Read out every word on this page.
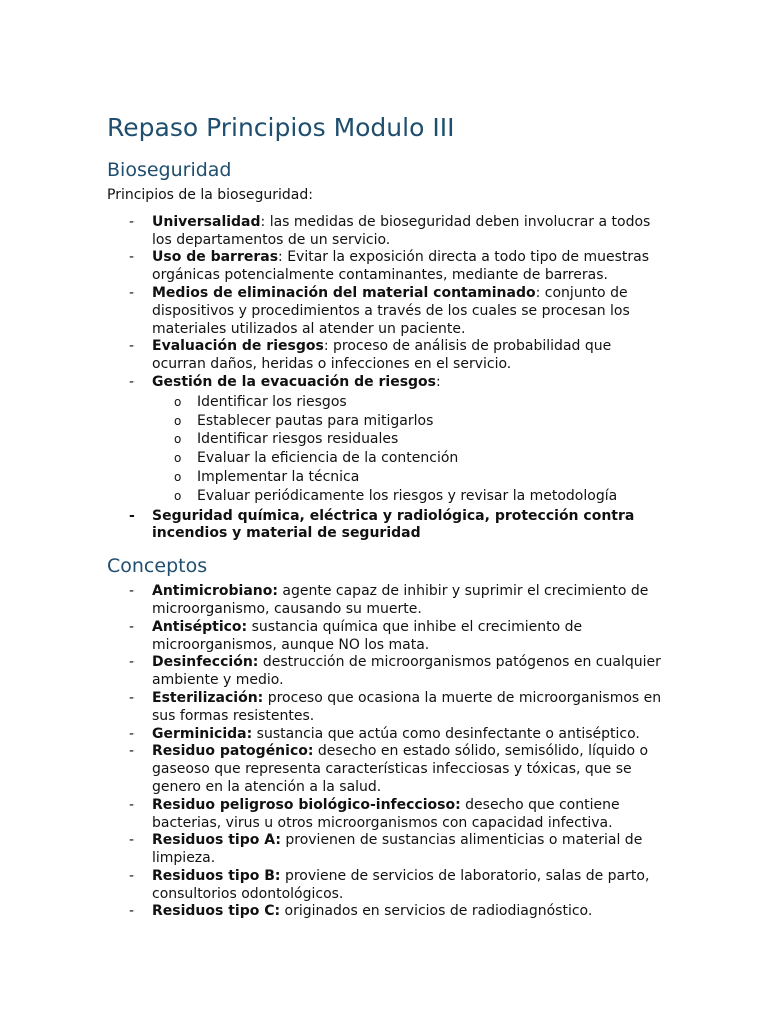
Repaso Principios Modulo III
Bioseguridad

Principios de la bioseguridad:

- Universalidad: las medidas de bioseguridad deben involucrar a todos los departamentos de un servicio.
- Uso de barreras: Evitar la exposición directa a todo tipo de muestras orgánicas potencialmente contaminantes, mediante de barreras.
- Medios de eliminación del material contaminado: conjunto de dispositivos y procedimientos a través de los cuales se procesan los materiales utilizados al atender un paciente.
- Evaluación de riesgos: proceso de análisis de probabilidad que ocurran daños, heridas o infecciones en el servicio.
- Gestión de la evacuación de riesgos:
o Identificar los riesgos
o Establecer pautas para mitigarlos
o Identificar riesgos residuales
o Evaluar la eficiencia de la contención
o Implementar la técnica
o Evaluar periódicamente los riesgos y revisar la metodología
- Seguridad química, eléctrica y radiológica, protección contra incendios y material de seguridad
Conceptos
- Antimicrobiano: agente capaz de inhibir y suprimir el crecimiento de microorganismo, causando su muerte.
- Antiséptico: sustancia química que inhibe el crecimiento de microorganismos, aunque NO los mata.
- Desinfección: destrucción de microorganismos patógenos en cualquier ambiente y medio.
- Esterilización: proceso que ocasiona la muerte de microorganismos en sus formas resistentes.
- Germinicida: sustancia que actúa como desinfectante o antiséptico.
- Residuo patogénico: desecho en estado sólido, semisólido, líquido o gaseoso que representa características infecciosas y tóxicas, que se genero en la atención a la salud.
- Residuo peligroso biológico-infeccioso: desecho que contiene bacterias, virus u otros microorganismos con capacidad infectiva.
- Residuos tipo A: provienen de sustancias alimenticias o material de limpieza.
- Residuos tipo B: proviene de servicios de laboratorio, salas de parto, consultorios odontológicos.
- Residuos tipo C: originados en servicios de radiodiagnóstico.
